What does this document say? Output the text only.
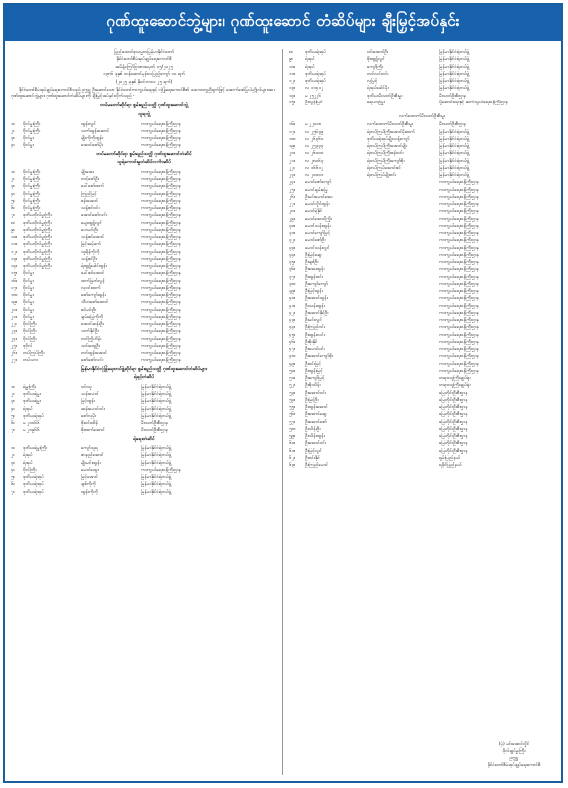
ဂုဏ်ထူးဆောင်ဘွဲ့များ၊ ဂုဏ်ထူးဆောင် တံဆိပ်များ ချီးမြှင့်အပ်နှင်း
ပြည်ထောင်စုသမ္မတမြန်မာနိုင်ငံတော်
နိုင်ငံတော်စီမံအုပ်ချုပ်ရေးကောင်စီ
အမိန့်ကြော်ငြာစာအမှတ် ၁၅/၂၀၂၅
၁၃၈၆ ခုနှစ် တန်ဆောင်မုန်းလပြည့်ကျော် ၁၀ ရက်
(၂၀၂၅ ခုနှစ် နိုဝင်ဘာလ ၂၅ ရက်)
နိုင်ငံတော်စီမံအုပ်ချုပ်ရေးကောင်စီသည် ဥက္ကဋ္ဌ ဦးဆောင်သော နိုင်ငံတော်ကာကွယ်ရေးနှင့် လုံခြုံရေးကောင်စီ၏ သဘောတူညီချက်ဖြင့် အောက်ဖော်ပြပါပုဂ္ဂိုလ်များအား ဂုဏ်ထူးဆောင်ဘွဲ့များ၊ ဂုဏ်ထူးဆောင်တံဆိပ်များကို ချီးမြှင့်အပ်နှင်းလိုက်သည် -
တပ်မတော်ဆိုင်ရာ စွမ်းရည်သတ္တိ ဂုဏ်ထူးဆောင်ဘွဲ့
သူရဘွဲ့
၁။	ဗိုလ်မှူးကြီး	ထွန်းလွင်	ကာကွယ်ရေးဝန်ကြီးဌာန
၂။	ဗိုလ်မှူးကြီး	သက်ထွန်းဆောင်	ကာကွယ်ရေးဝန်ကြီးဌာန
၃။	ဗိုလ်မှူး	မျိုးကိုကိုထွန်း	ကာကွယ်ရေးဝန်ကြီးဌာန
၄။	ဗိုလ်မှူး	အောင်ဇော်မိုး	ကာကွယ်ရေးဝန်ကြီးဌာန
တပ်မတော်ဆိုင်ရာ စွမ်းရည်သတ္တိ ဂုဏ်ထူးဆောင်တံဆိပ်
သူရဲကောင်းမှုတံဆိပ်လင်္ကာဆိပ်
၁။	ဗိုလ်မှူးကြီး	မျိုးအေး	ကာကွယ်ရေးဝန်ကြီးဌာန
၂။	ဗိုလ်မှူးကြီး	တင့်ဇော်ဦး	ကာကွယ်ရေးဝန်ကြီးဌာန
၃။	ဗိုလ်မှူးကြီး	ခေါ်ဇော်ထက်	ကာကွယ်ရေးဝန်ကြီးဌာန
၄။	ဗိုလ်မှူးကြီး	ကြည်မြင့်	ကာကွယ်ရေးဝန်ကြီးဌာန
၅။	ဗိုလ်မှူးကြီး	စန်းအောင်	ကာကွယ်ရေးဝန်ကြီးဌာန
၆။	ဗိုလ်မှူးကြီး	သန့်ဇင်ဝင်း	ကာကွယ်ရေးဝန်ကြီးဌာန
၇။	ဒုတိယဗိုလ်မှူးကြီး	အောင်ဇော်လင်း	ကာကွယ်ရေးဝန်ကြီးဌာန
၈။	ဒုတိယဗိုလ်မှူးကြီး	မျေးထွဋ်လွင်	ကာကွယ်ရေးဝန်ကြီးဌာန
၉။	ဒုတိယဗိုလ်မှူးကြီး	ဟေမင်းဦး	ကာကွယ်ရေးဝန်ကြီးဌာန
၁၀။	ဒုတိယဗိုလ်မှူးကြီး	သန့်ဇင်အောင်	ကာကွယ်ရေးဝန်ကြီးဌာန
၁၁။	ဒုတိယဗိုလ်မှူးကြီး	မြင့်အမ့်ခက်	ကာကွယ်ရေးဝန်ကြီးဌာန
၁၂။	ဒုတိယဗိုလ်မှူးကြီး	သူရိန်ကိုကို	ကာကွယ်ရေးဝန်ကြီးဌာန
၁၃။	ဒုတိယဗိုလ်မှူးကြီး	သန့်ဇင်ဦး	ကာကွယ်ရေးဝန်ကြီးဌာန
၁၄။	ဒုတိယဗိုလ်မှူးကြီး	ရဲထွဋ်ခေါင်ထွန်း	ကာကွယ်ရေးဝန်ကြီးဌာန
၁၅။	ဗိုလ်မှူး	ခေါ်ဇင်အောင်	ကာကွယ်ရေးဝန်ကြီးဌာန
၁၆။	ဗိုလ်မှူး	ထက်မြတ်လွန်	ကာကွယ်ရေးဝန်ကြီးဌာန
၁၇။	ဗိုလ်မှူး	လှဝင်းထက်	ကာကွယ်ရေးဝန်ကြီးဌာန
၁၈။	ဗိုလ်မှူး	ဇော်ကျော်ထွန်း	ကာကွယ်ရေးဝန်ကြီးဌာန
၁၉။	ဗိုလ်မှူး	သီဟဇော်ဆောင်	ကာကွယ်ရေးဝန်ကြီးဌာန
၂၀။	ဗိုလ်မှူး	စင်မင်းဦး	ကာကွယ်ရေးဝန်ကြီးဌာန
၂၁။	ဗိုလ်မှူး	ချမ်းမြေ့ကိုကို	ကာကွယ်ရေးဝန်ကြီးဌာန
၂၂။	ဗိုလ်ကြီး	အောင်ဆန်းဦး	ကာကွယ်ရေးဝန်ကြီးဌာန
၂၃။	ဗိုလ်ကြီး	သက်နိုင်ဦး	ကာကွယ်ရေးဝန်ကြီးဌာန
၂၄။	ဗိုလ်ကြီး	တင်ကြိုဟိန်း	ကာကွယ်ရေးဝန်ကြီးဌာန
၂၅။	ဒုဗိုလ်	သင်းထွေဦး	ကာကွယ်ရေးဝန်ကြီးဌာန
၂၆။	တပ်ကြပ်ကြီး	တင်ထွန်းအောင်	ကာကွယ်ရေးဝန်ကြီးဌာန
၂၇။	တပ်သား	ဇော်ဇော်လင်း	ကာကွယ်ရေးဝန်ကြီးဌာန
မြန်မာနိုင်ငံလုံခြုံရေးတပ်ဖွဲ့ဆိုင်ရာ စွမ်းရည်သတ္တိ ဂုဏ်ထူးဆောင်တံဆိပ်များ
ရဲရင့်တံဆိပ်
၁။	ရဲမှူးကြီး	ဝင်းသူ	မြန်မာနိုင်ငံရဲတပ်ဖွဲ့
၂။	ဒုတိယရဲမှူး	သန်းမောင်	မြန်မာနိုင်ငံရဲတပ်ဖွဲ့
၃။	ဒုတိယရဲမှူး	မြင့်ထွန်း	မြန်မာနိုင်ငံရဲတပ်ဖွဲ့
၄။	ရဲအုပ်	ဆန်းမောင်ဝင်း	မြန်မာနိုင်ငံရဲတပ်ဖွဲ့
၅။	ဒုတိယရဲအုပ်	စော်လှမိုး	မြန်မာနိုင်ငံရဲတပ်ဖွဲ့
၆။	မ ၂၀၀၆၆	စိုးဝင်းထိန်	မီးသတ်ဦးစီးဌာန
၇။	မ ၂၀၉၆၆	စိုးထက်အောင်	မီးသတ်ဦးစီးဌာန
ရဲရေးတံဆိပ်
၁။	ဒုတိယရဲမှူးကြီး	ကျော်သူရ	မြန်မာနိုင်ငံရဲတပ်ဖွဲ့
၂။	ရဲအုပ်	ဇာနည်အောင်	မြန်မာနိုင်ငံရဲတပ်ဖွဲ့
၃။	ရဲအုပ်	မျိုးမင်းထွန်း	မြန်မာနိုင်ငံရဲတပ်ဖွဲ့
၄။	ဗိုလ်ကြီး	မောင်ထွေး	ကာကွယ်ရေးဝန်ကြီးဌာန
၅။	ဒုတိယရဲအုပ်	မြင့်အောင်	မြန်မာနိုင်ငံရဲတပ်ဖွဲ့
၆။	ဒုတိယရဲအုပ်	ချစ်ကိုကို	မြန်မာနိုင်ငံရဲတပ်ဖွဲ့
၇။	ဒုတိယရဲအုပ်	ထွန်းကိုကို	မြန်မာနိုင်ငံရဲတပ်ဖွဲ့
၈။	ဒုတိယရဲအုပ်	ဝင်းအောင်ဦး	မြန်မာနိုင်ငံရဲတပ်ဖွဲ့
၉။	ရဲအုပ်	စိုးထွဋ်လွင်	မြန်မာနိုင်ငံရဲတပ်ဖွဲ့
၁၀။	ရဲအုပ်	ကျော်ကြီး	မြန်မာနိုင်ငံရဲတပ်ဖွဲ့
၁၁။	ဒုတိယရဲအုပ်	တင်လင်းဝင်း	မြန်မာနိုင်ငံရဲတပ်ဖွဲ့
၁၂။	ဒုတိယရဲအုပ်	လှမြင့်	မြန်မာနိုင်ငံရဲတပ်ဖွဲ့
၁၃။	လ ၁၁၄၁၂	ရဲအုပ်ခေါင်မိုး	မြန်မာနိုင်ငံရဲတပ်ဖွဲ့
၁၄။	မ ၂၅၂၂၆	ဒုတိယမီးသတ်ဦးစီးမှူး	မီးသတ်ဦးစီးဌာန
၁၅။	ဦးလွန်းပြင်	ရေယာဉ်မှူး	ပို့ဆောင်ရေးနှင့် ဆက်သွယ်ရေးဝန်ကြီးဌာန
လက်ထောက်မီးသတ်ဦးစီးမှူး
၁၆။	မ ၂၂၀၁၈	လက်ထောက်မီးသတ်ဦးစီးမှူး	မီးသတ်ဦးစီးဌာန
၁၇။	လ ၂၅၆၃၉	ရဲတပ်ကြပ်ကြီးအောင်မိုးထက်	မြန်မာနိုင်ငံရဲတပ်ဖွဲ့
၁၈။	လ ၂၆၃၆၀	ဒုတိယရဲအုပ်မျိုးသန့်ကျော်	မြန်မာနိုင်ငံရဲတပ်ဖွဲ့
၁၉။	လ ၂၅၃၃၃	ရဲတပ်ကြပ်ကြီးအောင်မျိုး	မြန်မာနိုင်ငံရဲတပ်ဖွဲ့
၂၀။	လ ၂၆၀၀၀	ရဲတပ်ကြပ်ကြီးစန်းဝင်း	မြန်မာနိုင်ငံရဲတပ်ဖွဲ့
၂၁။	လ ၂၈၀၆၃	ရဲတပ်ကြပ်ကြီးကျော်စိုး	မြန်မာနိုင်ငံရဲတပ်ဖွဲ့
၂၂။	လ ၁၆၆၁၂	ရဲတပ်ကြပ်အောင်ဇင်	မြန်မာနိုင်ငံရဲတပ်ဖွဲ့
၂၃။	လ ၂၀၀၀၁	ရဲတပ်ကြပ်မျိုးဝင်း	မြန်မာနိုင်ငံရဲတပ်ဖွဲ့
၂၄။	မောင်ဇော်ကျော်	ကာကွယ်ရေးဝန်ကြီးဌာန
၂၅။	မောင်ချမ်းမြေ့	ကာကွယ်ရေးဝန်ကြီးဌာန
၂၆။	ဦးမင်းမောင်အေး	ကာကွယ်ရေးဝန်ကြီးဌာန
၂၇။	မောင်လှိုင်ထွန်း	ကာကွယ်ရေးဝန်ကြီးဌာန
၂၈။	မောင်ရဲနိုင်	ကာကွယ်ရေးဝန်ကြီးဌာန
၂၉။	မောင်အောင်ကြိုး	ကာကွယ်ရေးဝန်ကြီးဌာန
၃၀။	မောင်သန်းထွန်း	ကာကွယ်ရေးဝန်ကြီးဌာန
၃၁။	မောင်ကျော်မြင့်	ကာကွယ်ရေးဝန်ကြီးဌာန
၃၂။	မောင်ဇော်ဦး	ကာကွယ်ရေးဝန်ကြီးဌာန
၃၃။	မောင်သန်းလွင်	ကာကွယ်ရေးဝန်ကြီးဌာန
၃၄။	ဦးမြင့်ဆွေ	ကာကွယ်ရေးဝန်ကြီးဌာန
၃၅။	ဦးချစ်ဦး	ကာကွယ်ရေးဝန်ကြီးဌာန
၃၆။	ဦးအေးထွန်း	ကာကွယ်ရေးဝန်ကြီးဌာန
၃၇။	ဦးထွန်းဝင်း	ကာကွယ်ရေးဝန်ကြီးဌာန
၃၈။	ဦးကျော်ကျော်	ကာကွယ်ရေးဝန်ကြီးဌာန
၃၉။	ဦးမြင့်ထွန်း	ကာကွယ်ရေးဝန်ကြီးဌာန
၄၀။	ဦးအောင်ထွန်း	ကာကွယ်ရေးဝန်ကြီးဌာန
၄၁။	ဦးသန်းထွန်း	ကာကွယ်ရေးဝန်ကြီးဌာန
၄၂။	ဦးအောင်နိုင်ဦး	ကာကွယ်ရေးဝန်ကြီးဌာန
၄၃။	ဦးမင်းလွင်	ကာကွယ်ရေးဝန်ကြီးဌာန
၄၄။	ဦးကြည်ဝင်း	ကာကွယ်ရေးဝန်ကြီးဌာန
၄၅။	ဦးထွန်းလင်း	ကာကွယ်ရေးဝန်ကြီးဌာန
၄၆။	ဦးစိုးနိုင်	ကာကွယ်ရေးဝန်ကြီးဌာန
၄၇။	ဦးမောင်ဝင်း	ကာကွယ်ရေးဝန်ကြီးဌာန
၄၈။	ဦးအောင်ကျော်စိုး	ကာကွယ်ရေးဝန်ကြီးဌာန
၄၉။	ဦးဝင်းမြင့်	ကာကွယ်ရေးဝန်ကြီးဌာန
၅၀။	ဦးထွန်းမြင့်	ကာကွယ်ရေးဝန်ကြီးဌာန
၅၁။	ဦးကျော်မြင့်	တရားသူကြီးချုပ်ရုံး
၅၂။	ဦးစိုးသိန်း	တရားသူကြီးချုပ်ရုံး
၅၃။	ဦးအောင်ဝင်း	မြေတိုင်းဦးစီးဌာန
၅၄။	ဦးမြင့်ဦး	မြေတိုင်းဦးစီးဌာန
၅၅။	ဦးထွန်းအောင်	မြေတိုင်းဦးစီးဌာန
၅၆။	ဦးအောင်ဆွေ	မြေတိုင်းဦးစီးဌာန
၅၇။	ဦးအောင်ဇော်	မြေတိုင်းဦးစီးဌာန
၅၈။	ဦးသိန်းဦး	မြေတိုင်းဦးစီးဌာန
၅၉။	ဦးသိန်းထွန်း	မြေတိုင်းဦးစီးဌာန
၆၀။	ဦးအောင်ဝင်း	မြေတိုင်းဦးစီးဌာန
၆၁။	ဦးမြင့်လွင်	မြေတိုင်းဦးစီးဌာန
၆၂။	ဦးဝင်းနိုင်	ရှမ်းပြည်နယ်
၆၃။	ဦးကြည်မောင်	ရခိုင်ပြည်နယ်
(ပုံ) မင်းအောင်လှိုင်
ဗိုလ်ချုပ်မှူးကြီး
ဥက္ကဋ္ဌ
နိုင်ငံတော်စီမံအုပ်ချုပ်ရေးကောင်စီ
